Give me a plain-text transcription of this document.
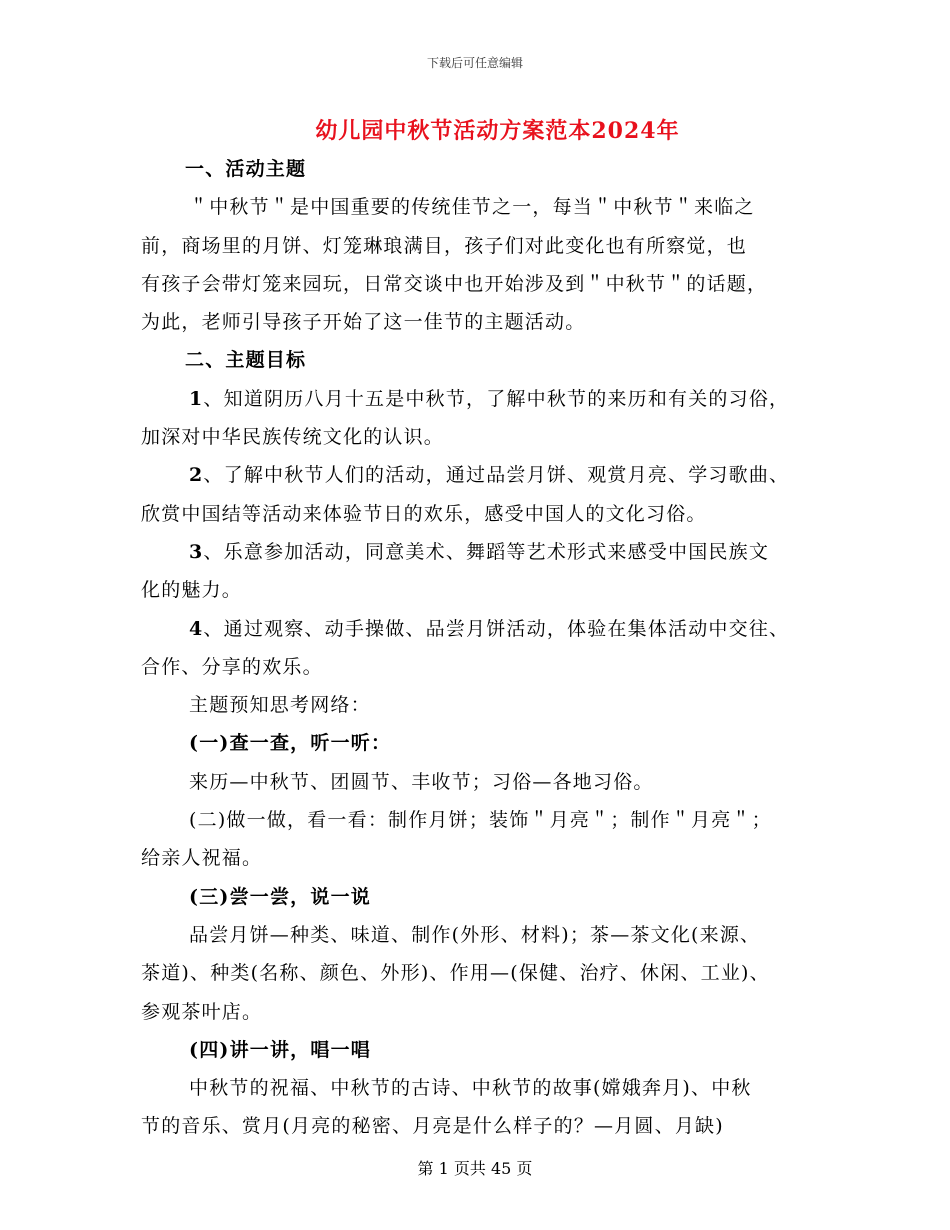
下载后可任意编辑
幼儿园中秋节活动方案范本2024年
一、活动主题
＂中秋节＂是中国重要的传统佳节之一，每当＂中秋节＂来临之
前，商场里的月饼、灯笼琳琅满目，孩子们对此变化也有所察觉，也
有孩子会带灯笼来园玩，日常交谈中也开始涉及到＂中秋节＂的话题，
为此，老师引导孩子开始了这一佳节的主题活动。
二、主题目标
1、知道阴历八月十五是中秋节，了解中秋节的来历和有关的习俗，
加深对中华民族传统文化的认识。
2、了解中秋节人们的活动，通过品尝月饼、观赏月亮、学习歌曲、
欣赏中国结等活动来体验节日的欢乐，感受中国人的文化习俗。
3、乐意参加活动，同意美术、舞蹈等艺术形式来感受中国民族文
化的魅力。
4、通过观察、动手操做、品尝月饼活动，体验在集体活动中交往、
合作、分享的欢乐。
主题预知思考网络：
(一)查一查，听一听：
来历—中秋节、团圆节、丰收节；习俗—各地习俗。
(二)做一做，看一看：制作月饼；装饰＂月亮＂；制作＂月亮＂；
给亲人祝福。
(三)尝一尝，说一说
品尝月饼—种类、味道、制作(外形、材料)；茶—茶文化(来源、
茶道)、种类(名称、颜色、外形)、作用—(保健、治疗、休闲、工业)、
参观茶叶店。
(四)讲一讲，唱一唱
中秋节的祝福、中秋节的古诗、中秋节的故事(嫦娥奔月)、中秋
节的音乐、赏月(月亮的秘密、月亮是什么样子的？—月圆、月缺)
第 1 页共 45 页
